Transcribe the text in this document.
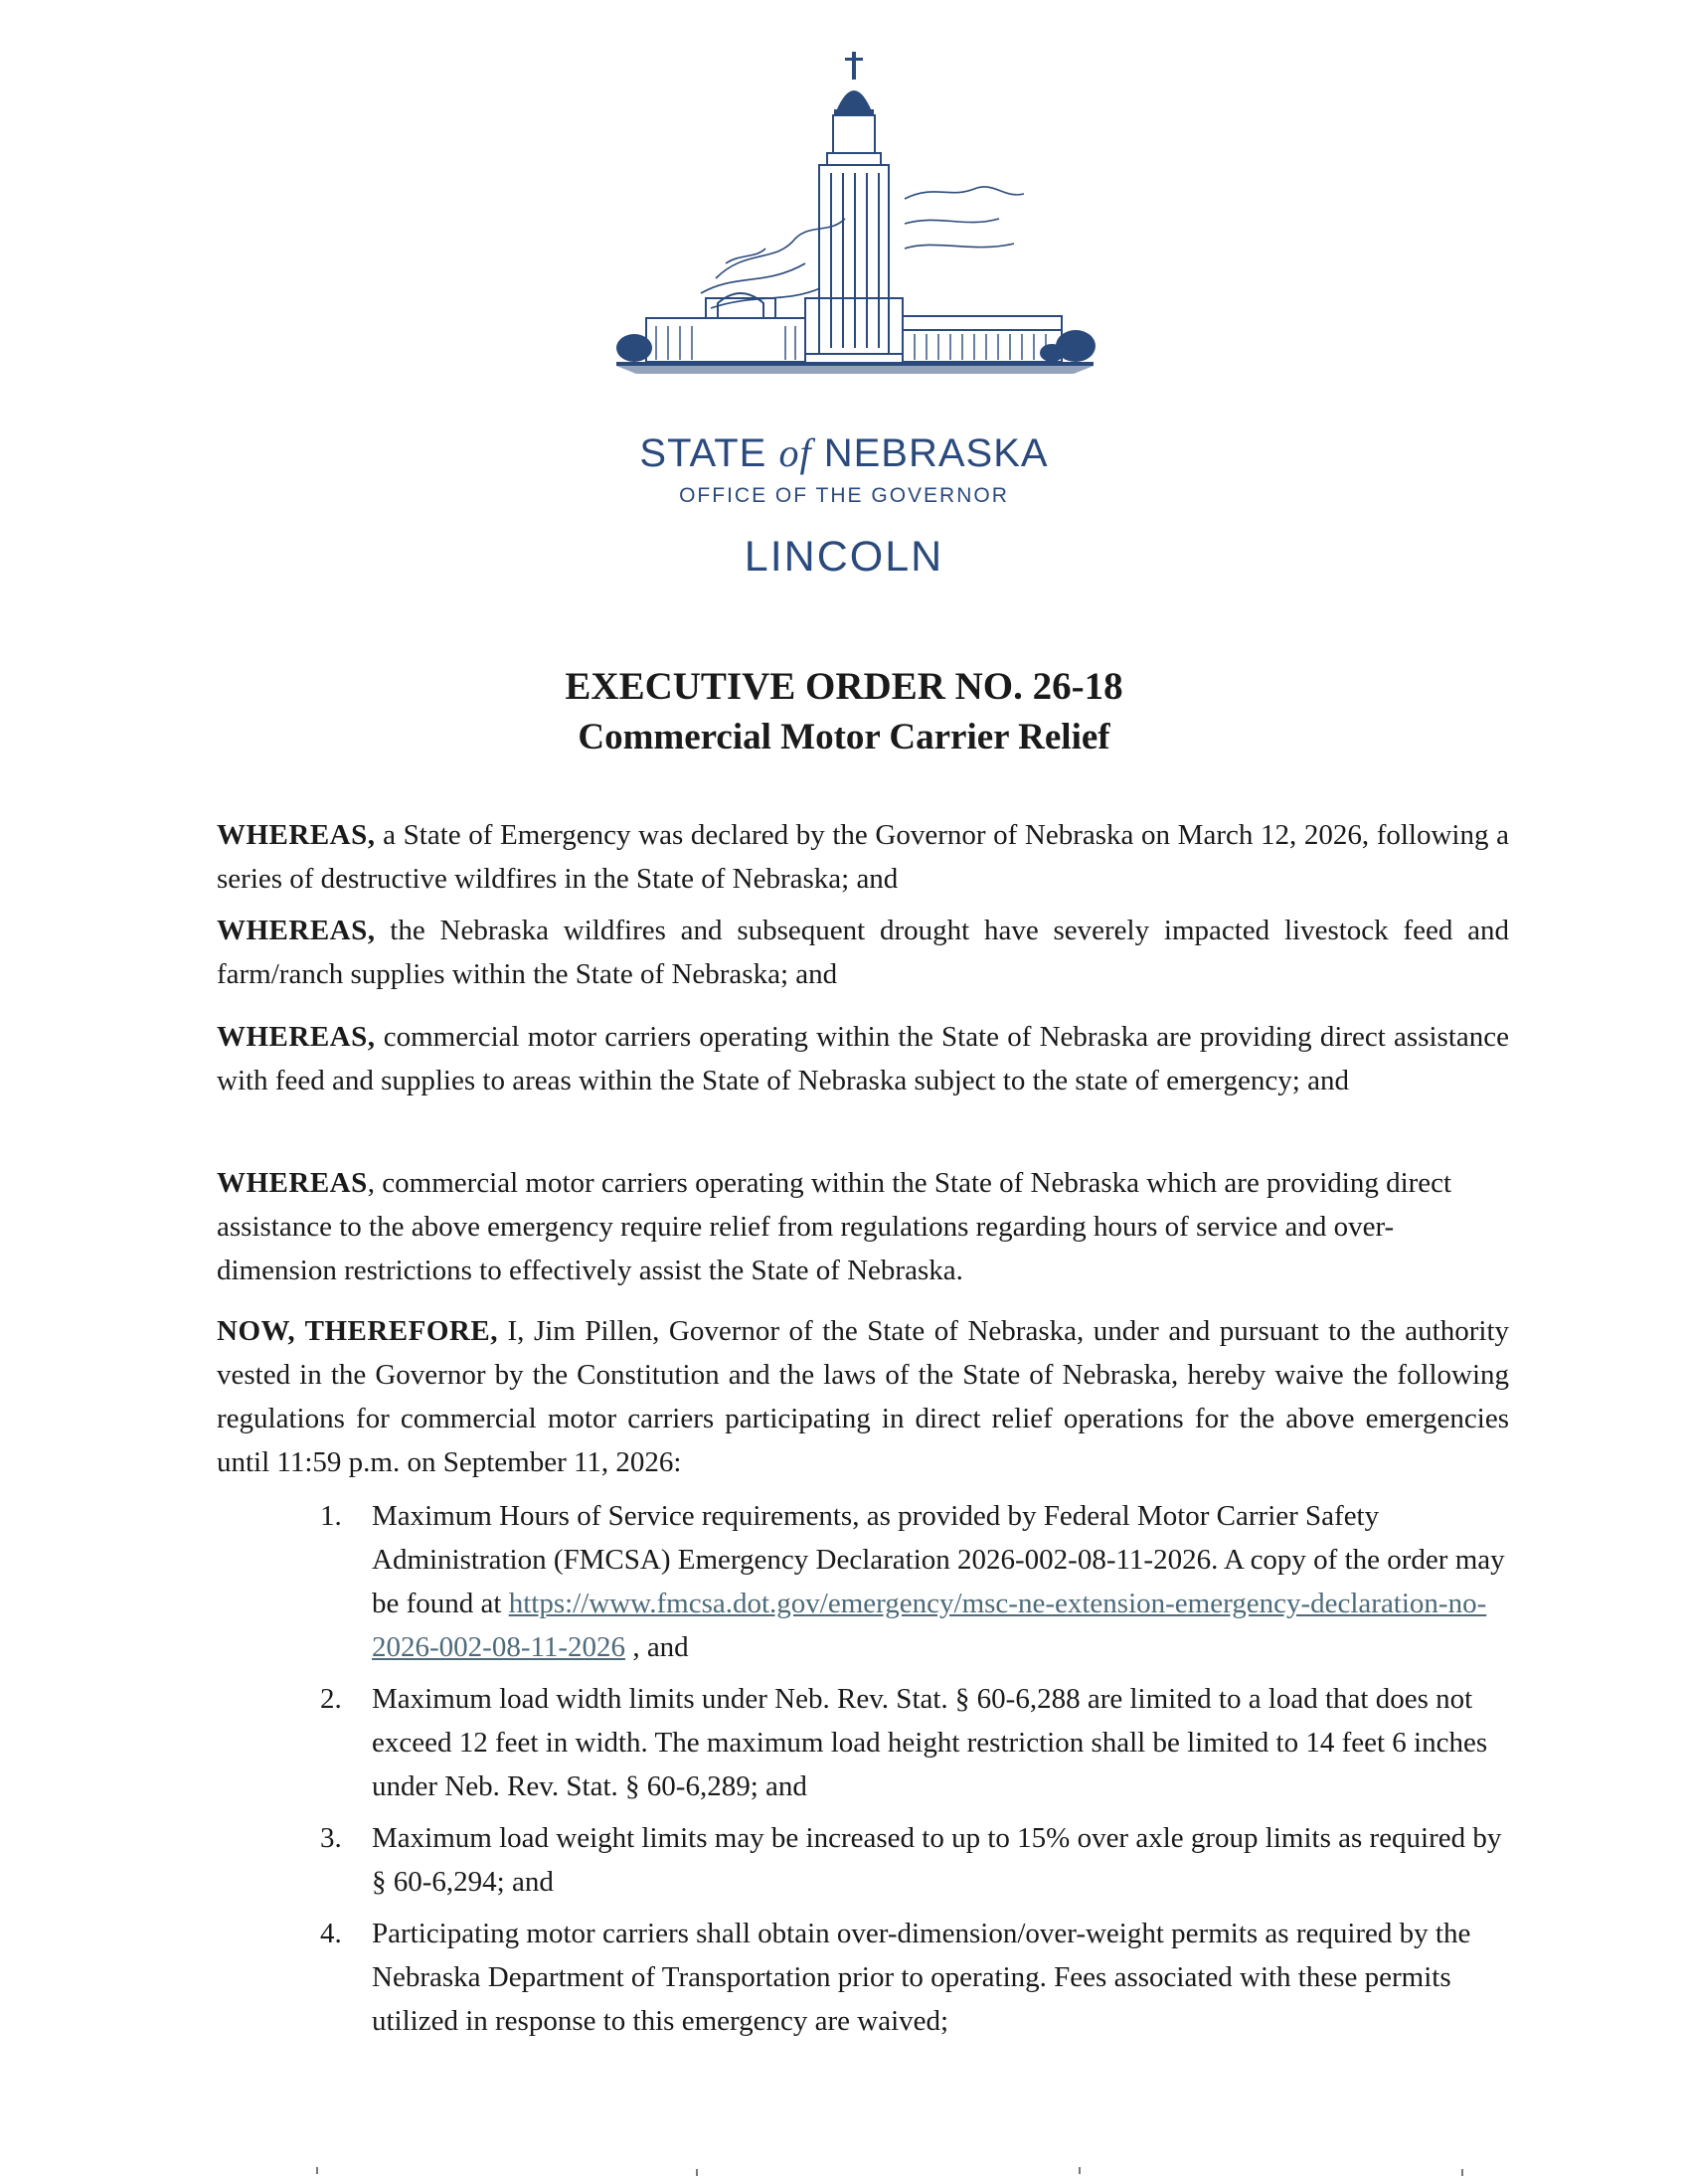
STATE of NEBRASKA
OFFICE OF THE GOVERNOR
LINCOLN
EXECUTIVE ORDER NO. 26-18
Commercial Motor Carrier Relief
WHEREAS, a State of Emergency was declared by the Governor of Nebraska on March 12, 2026, following a series of destructive wildfires in the State of Nebraska; and
WHEREAS, the Nebraska wildfires and subsequent drought have severely impacted livestock feed and farm/ranch supplies within the State of Nebraska; and
WHEREAS, commercial motor carriers operating within the State of Nebraska are providing direct assistance with feed and supplies to areas within the State of Nebraska subject to the state of emergency; and
WHEREAS, commercial motor carriers operating within the State of Nebraska which are providing direct assistance to the above emergency require relief from regulations regarding hours of service and over-dimension restrictions to effectively assist the State of Nebraska.
NOW, THEREFORE, I, Jim Pillen, Governor of the State of Nebraska, under and pursuant to the authority vested in the Governor by the Constitution and the laws of the State of Nebraska, hereby waive the following regulations for commercial motor carriers participating in direct relief operations for the above emergencies until 11:59 p.m. on September 11, 2026:
1. Maximum Hours of Service requirements, as provided by Federal Motor Carrier Safety Administration (FMCSA) Emergency Declaration 2026-002-08-11-2026. A copy of the order may be found at https://www.fmcsa.dot.gov/emergency/msc-ne-extension-emergency-declaration-no-2026-002-08-11-2026 , and
2. Maximum load width limits under Neb. Rev. Stat. § 60-6,288 are limited to a load that does not exceed 12 feet in width. The maximum load height restriction shall be limited to 14 feet 6 inches under Neb. Rev. Stat. § 60-6,289; and
3. Maximum load weight limits may be increased to up to 15% over axle group limits as required by § 60-6,294; and
4. Participating motor carriers shall obtain over-dimension/over-weight permits as required by the Nebraska Department of Transportation prior to operating. Fees associated with these permits utilized in response to this emergency are waived;
